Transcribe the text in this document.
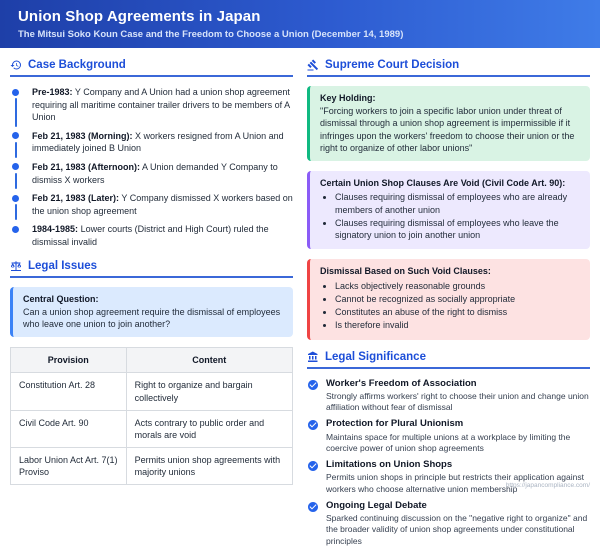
Union Shop Agreements in Japan
The Mitsui Soko Koun Case and the Freedom to Choose a Union (December 14, 1989)
Case Background
Pre-1983: Y Company and A Union had a union shop agreement requiring all maritime container trailer drivers to be members of A Union
Feb 21, 1983 (Morning): X workers resigned from A Union and immediately joined B Union
Feb 21, 1983 (Afternoon): A Union demanded Y Company to dismiss X workers
Feb 21, 1983 (Later): Y Company dismissed X workers based on the union shop agreement
1984-1985: Lower courts (District and High Court) ruled the dismissal invalid
Legal Issues
Central Question:
Can a union shop agreement require the dismissal of employees who leave one union to join another?
Provision	Content
Constitution Art. 28	Right to organize and bargain collectively
Civil Code Art. 90	Acts contrary to public order and morals are void
Labor Union Act Art. 7(1) Proviso	Permits union shop agreements with majority unions
Supreme Court Decision
Key Holding:
"Forcing workers to join a specific labor union under threat of dismissal through a union shop agreement is impermissible if it infringes upon the workers' freedom to choose their union or the right to organize of other labor unions"
Certain Union Shop Clauses Are Void (Civil Code Art. 90):
• Clauses requiring dismissal of employees who are already members of another union
• Clauses requiring dismissal of employees who leave the signatory union to join another union
Dismissal Based on Such Void Clauses:
• Lacks objectively reasonable grounds
• Cannot be recognized as socially appropriate
• Constitutes an abuse of the right to dismiss
• Is therefore invalid
Legal Significance
Worker's Freedom of Association
Strongly affirms workers' right to choose their union and change union affiliation without fear of dismissal
Protection for Plural Unionism
Maintains space for multiple unions at a workplace by limiting the coercive power of union shop agreements
Limitations on Union Shops
Permits union shops in principle but restricts their application against workers who choose alternative union membership
Ongoing Legal Debate
Sparked continuing discussion on the "negative right to organize" and the broader validity of union shop agreements under constitutional principles
https://japancompliance.com/
